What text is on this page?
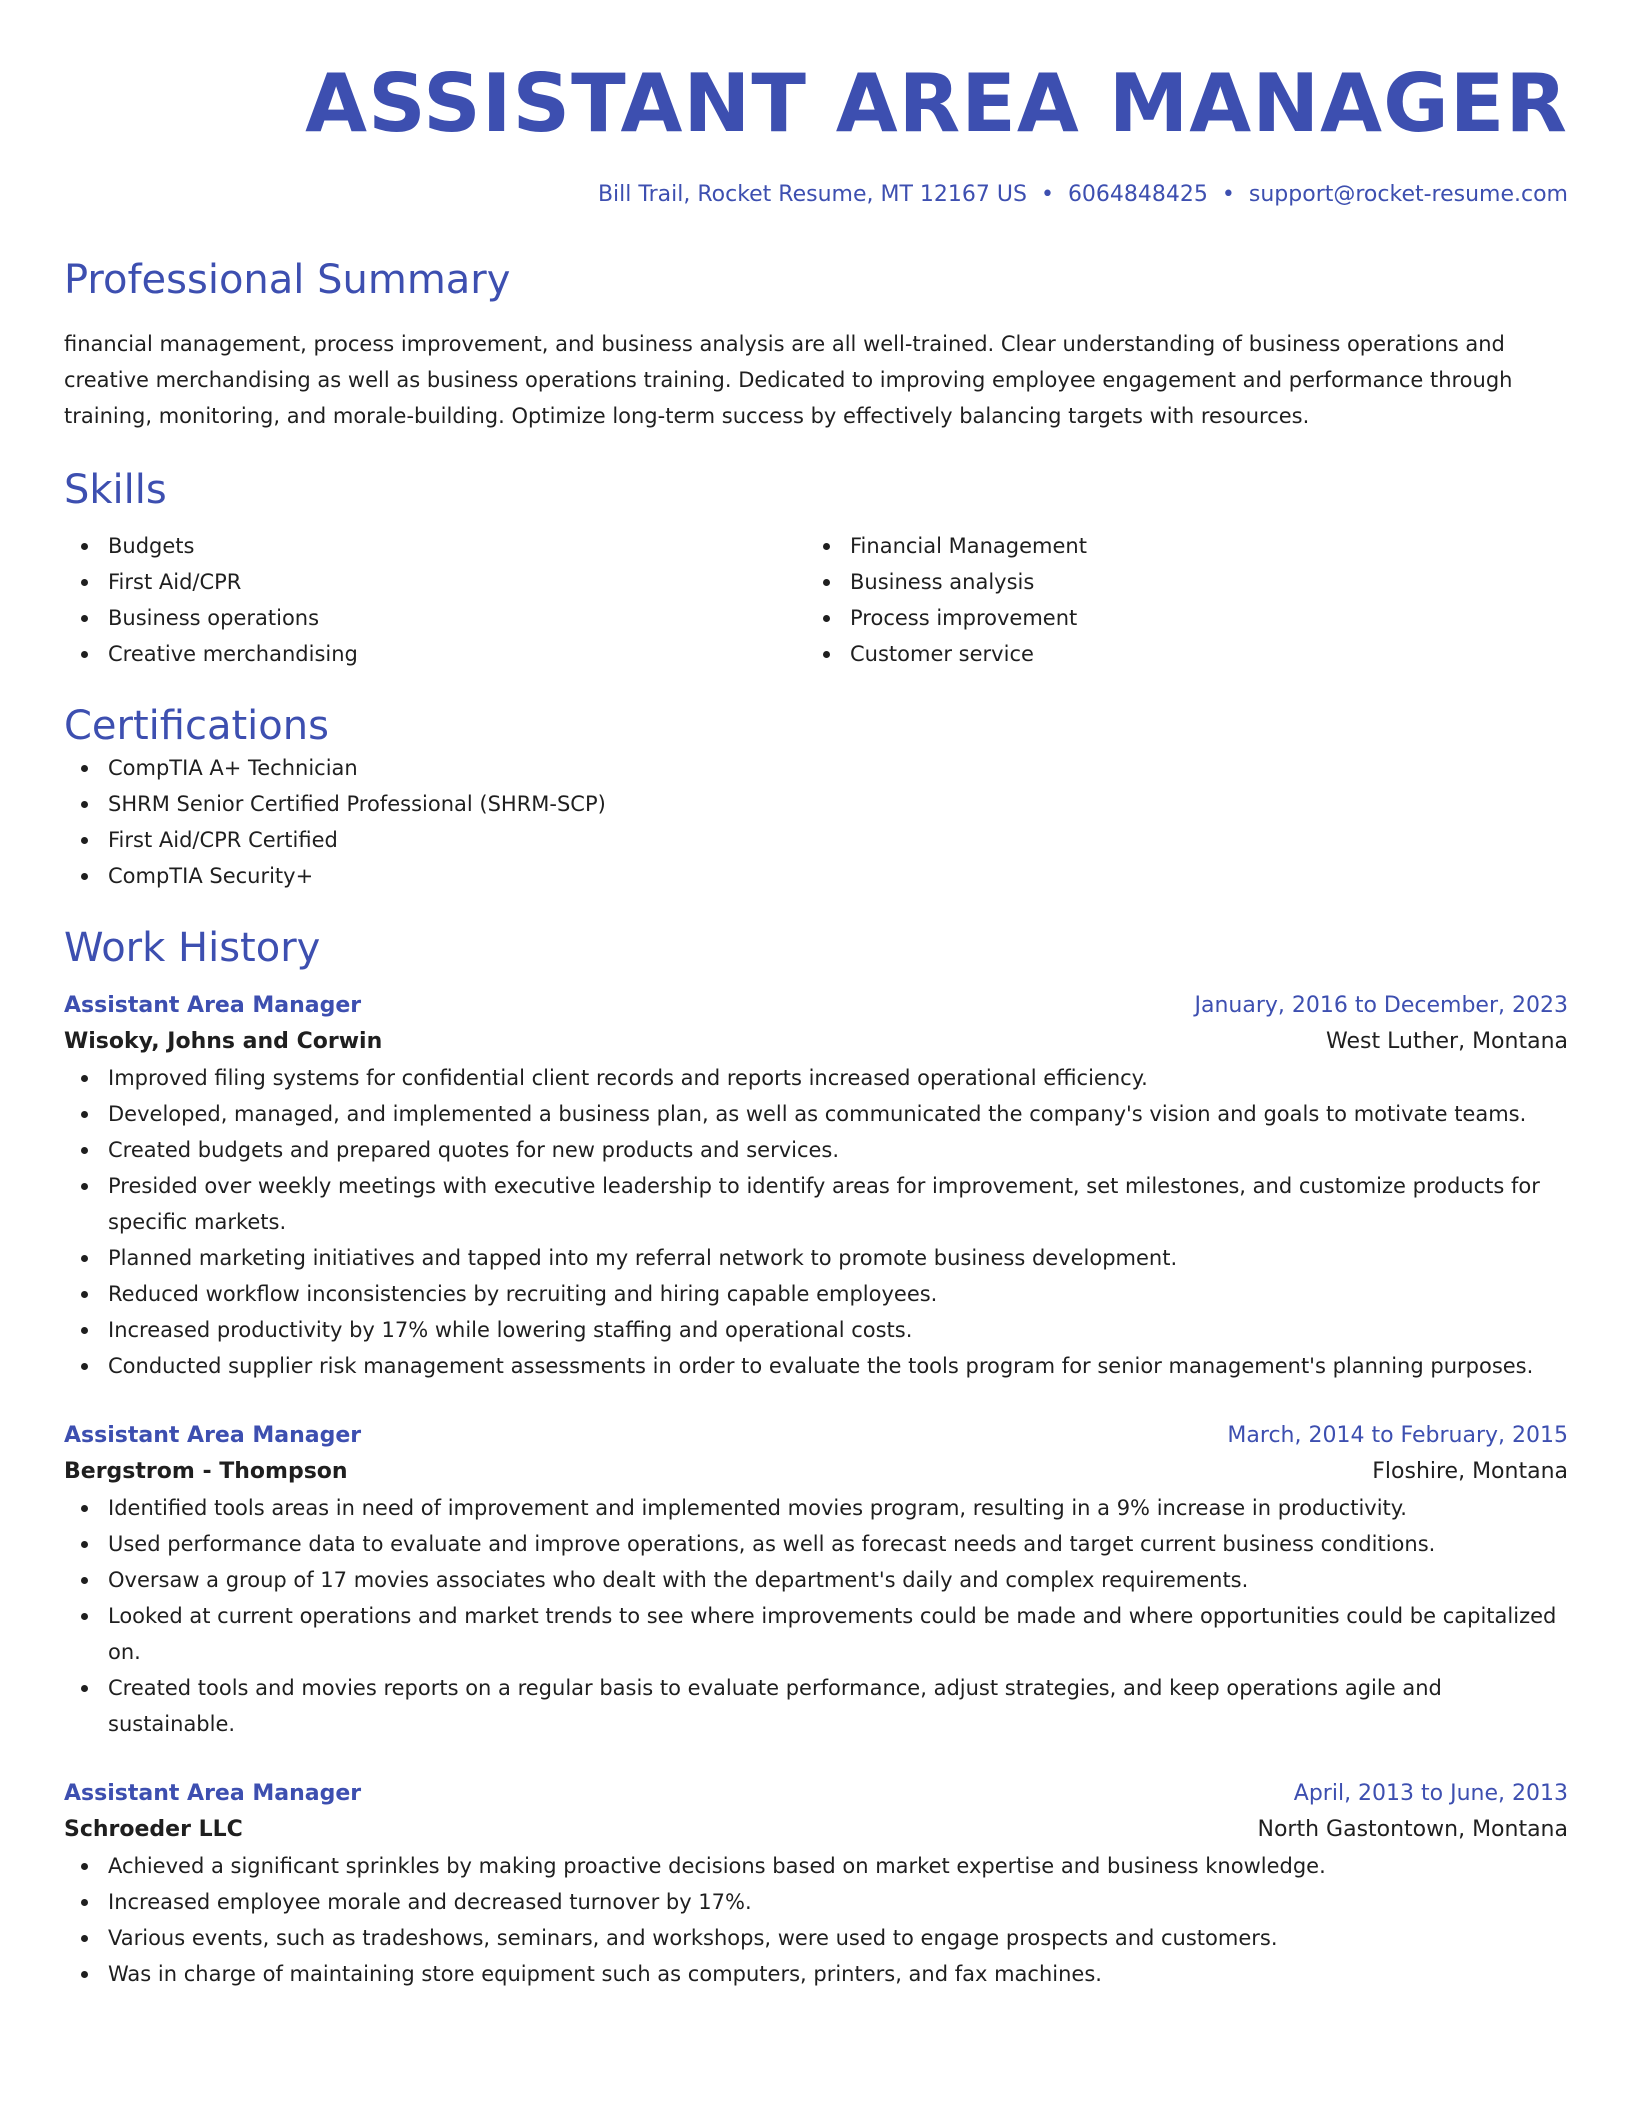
ASSISTANT AREA MANAGER
Bill Trail, Rocket Resume, MT 12167 US • 6064848425 • support@rocket-resume.com
Professional Summary
financial management, process improvement, and business analysis are all well-trained. Clear understanding of business operations and creative merchandising as well as business operations training. Dedicated to improving employee engagement and performance through training, monitoring, and morale-building. Optimize long-term success by effectively balancing targets with resources.
Skills
Budgets
First Aid/CPR
Business operations
Creative merchandising
Financial Management
Business analysis
Process improvement
Customer service
Certifications
CompTIA A+ Technician
SHRM Senior Certified Professional (SHRM-SCP)
First Aid/CPR Certified
CompTIA Security+
Work History
Assistant Area Manager	January, 2016 to December, 2023
Wisoky, Johns and Corwin	West Luther, Montana
Improved filing systems for confidential client records and reports increased operational efficiency.
Developed, managed, and implemented a business plan, as well as communicated the company's vision and goals to motivate teams.
Created budgets and prepared quotes for new products and services.
Presided over weekly meetings with executive leadership to identify areas for improvement, set milestones, and customize products for specific markets.
Planned marketing initiatives and tapped into my referral network to promote business development.
Reduced workflow inconsistencies by recruiting and hiring capable employees.
Increased productivity by 17% while lowering staffing and operational costs.
Conducted supplier risk management assessments in order to evaluate the tools program for senior management's planning purposes.
Assistant Area Manager	March, 2014 to February, 2015
Bergstrom - Thompson	Floshire, Montana
Identified tools areas in need of improvement and implemented movies program, resulting in a 9% increase in productivity.
Used performance data to evaluate and improve operations, as well as forecast needs and target current business conditions.
Oversaw a group of 17 movies associates who dealt with the department's daily and complex requirements.
Looked at current operations and market trends to see where improvements could be made and where opportunities could be capitalized on.
Created tools and movies reports on a regular basis to evaluate performance, adjust strategies, and keep operations agile and sustainable.
Assistant Area Manager	April, 2013 to June, 2013
Schroeder LLC	North Gastontown, Montana
Achieved a significant sprinkles by making proactive decisions based on market expertise and business knowledge.
Increased employee morale and decreased turnover by 17%.
Various events, such as tradeshows, seminars, and workshops, were used to engage prospects and customers.
Was in charge of maintaining store equipment such as computers, printers, and fax machines.
